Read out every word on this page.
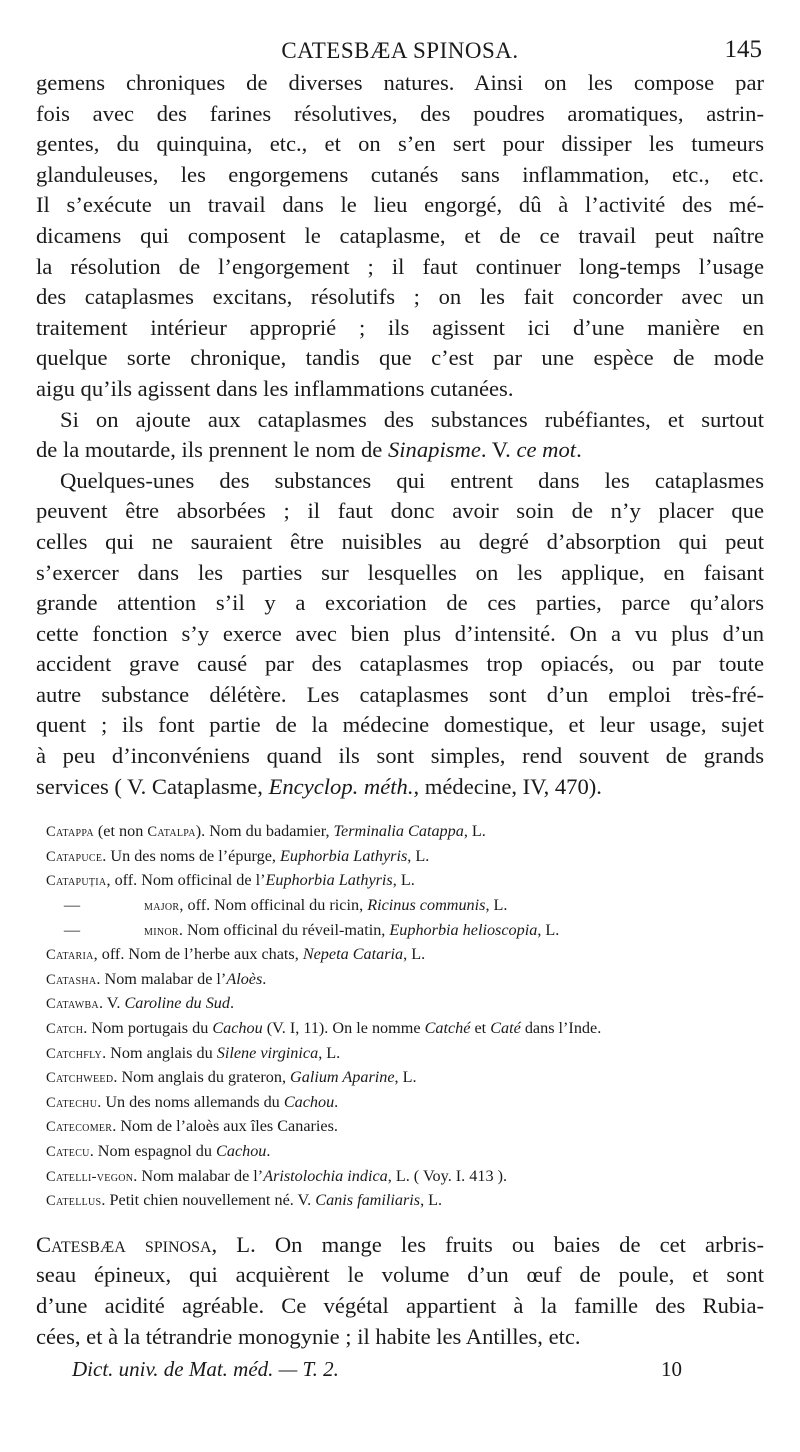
CATESBÆA SPINOSA.	145
gemens chroniques de diverses natures. Ainsi on les compose par
fois avec des farines résolutives, des poudres aromatiques, astrin-
gentes, du quinquina, etc., et on s’en sert pour dissiper les tumeurs
glanduleuses, les engorgemens cutanés sans inflammation, etc., etc.
Il s’exécute un travail dans le lieu engorgé, dû à l’activité des mé-
dicamens qui composent le cataplasme, et de ce travail peut naître
la résolution de l’engorgement ; il faut continuer long-temps l’usage
des cataplasmes excitans, résolutifs ; on les fait concorder avec un
traitement intérieur approprié ; ils agissent ici d’une manière en
quelque sorte chronique, tandis que c’est par une espèce de mode
aigu qu’ils agissent dans les inflammations cutanées.
Si on ajoute aux cataplasmes des substances rubéfiantes, et surtout
de la moutarde, ils prennent le nom de Sinapisme. V. ce mot.
Quelques-unes des substances qui entrent dans les cataplasmes
peuvent être absorbées ; il faut donc avoir soin de n’y placer que
celles qui ne sauraient être nuisibles au degré d’absorption qui peut
s’exercer dans les parties sur lesquelles on les applique, en faisant
grande attention s’il y a excoriation de ces parties, parce qu’alors
cette fonction s’y exerce avec bien plus d’intensité. On a vu plus d’un
accident grave causé par des cataplasmes trop opiacés, ou par toute
autre substance délétère. Les cataplasmes sont d’un emploi très-fré-
quent ; ils font partie de la médecine domestique, et leur usage, sujet
à peu d’inconvéniens quand ils sont simples, rend souvent de grands
services ( V. Cataplasme, Encyclop. méth., médecine, IV, 470).
Catappa (et non Catalpa). Nom du badamier, Terminalia Catappa, L.
Catapuce. Un des noms de l’épurge, Euphorbia Lathyris, L.
Catapuția, off. Nom officinal de l’Euphorbia Lathyris, L.
—	major, off. Nom officinal du ricin, Ricinus communis, L.
—	minor. Nom officinal du réveil-matin, Euphorbia helioscopia, L.
Cataria, off. Nom de l’herbe aux chats, Nepeta Cataria, L.
Catasha. Nom malabar de l’Aloès.
Catawba. V. Caroline du Sud.
Catch. Nom portugais du Cachou (V. I, 11). On le nomme Catché et Caté dans l’Inde.
Catchfly. Nom anglais du Silene virginica, L.
Catchweed. Nom anglais du grateron, Galium Aparine, L.
Catechu. Un des noms allemands du Cachou.
Catecomer. Nom de l’aloès aux îles Canaries.
Catecu. Nom espagnol du Cachou.
Catelli-vegon. Nom malabar de l’Aristolochia indica, L. ( Voy. I. 413 ).
Catellus. Petit chien nouvellement né. V. Canis familiaris, L.
Catesbæa spinosa, L. On mange les fruits ou baies de cet arbris-
seau épineux, qui acquièrent le volume d’un œuf de poule, et sont
d’une acidité agréable. Ce végétal appartient à la famille des Rubia-
cées, et à la tétrandrie monogynie ; il habite les Antilles, etc.
Dict. univ. de Mat. méd. — T. 2.	10
